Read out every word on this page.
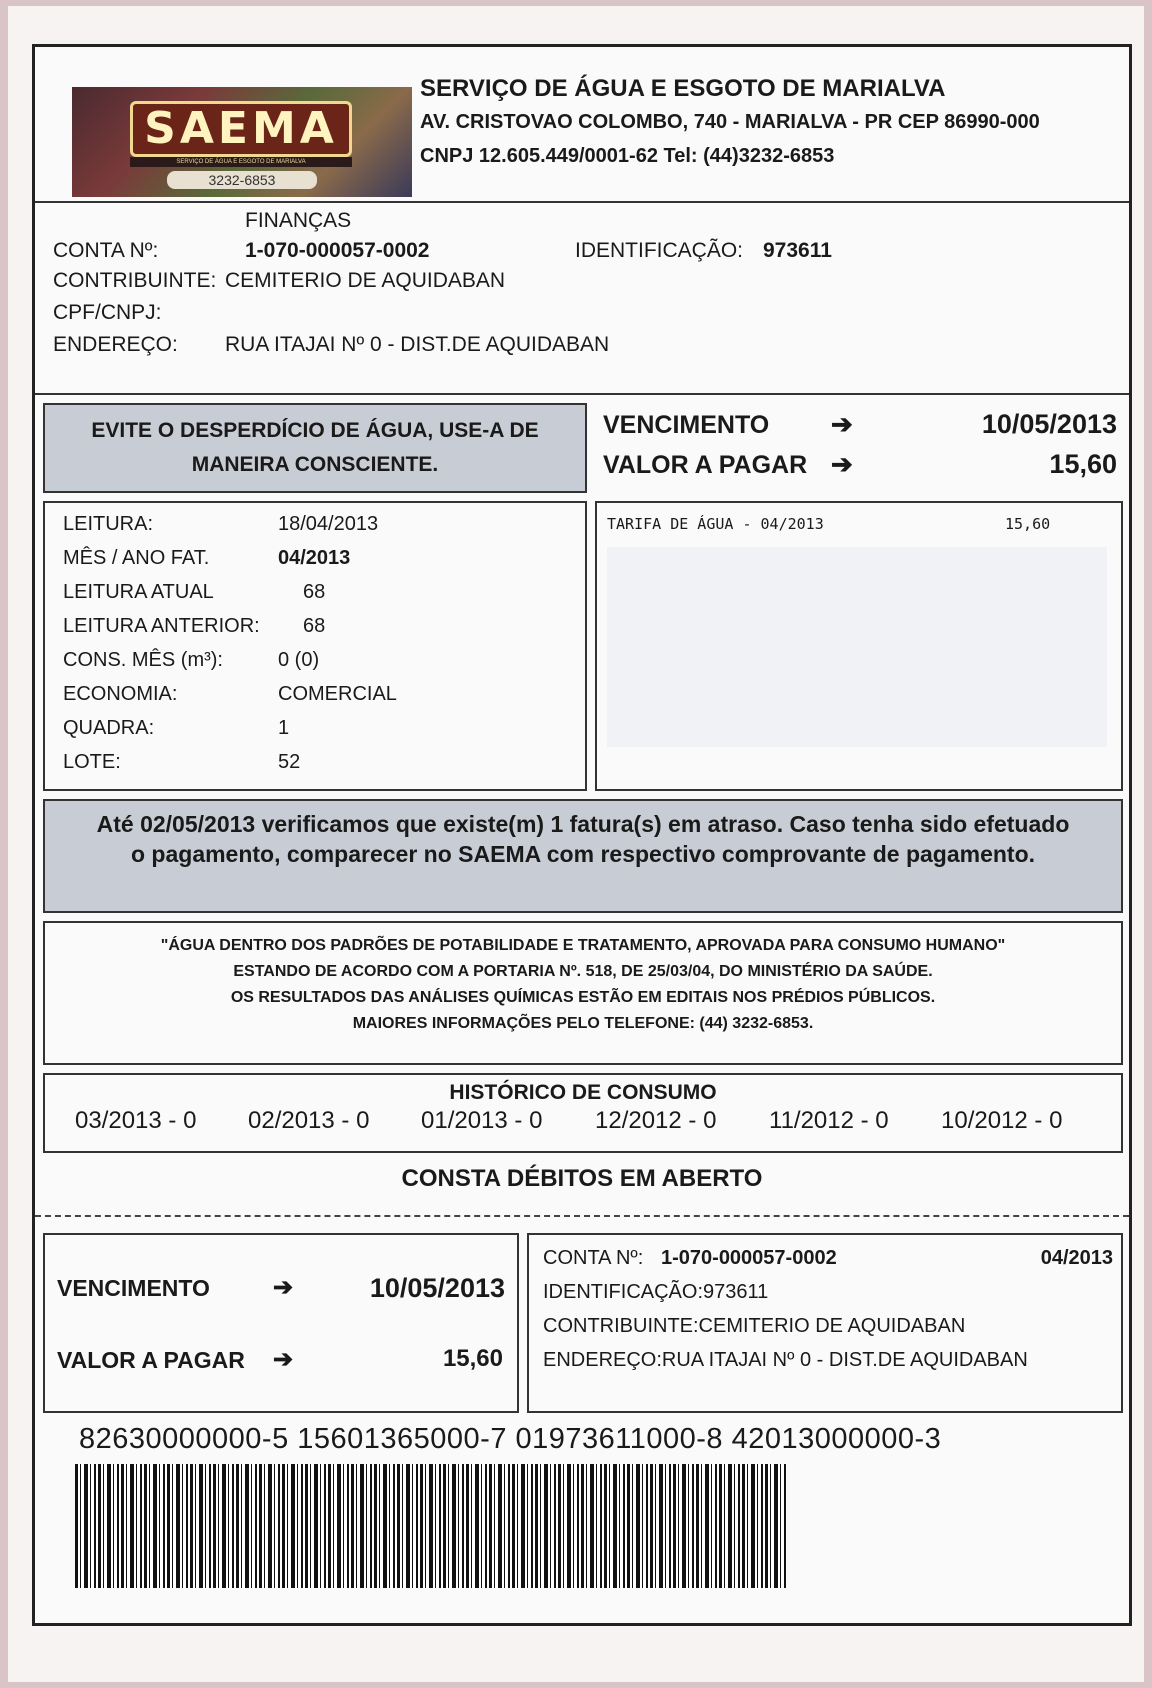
SAEMA
SERVIÇO DE ÁGUA E ESGOTO DE MARIALVA
3232-6853
SERVIÇO DE ÁGUA E ESGOTO DE MARIALVA
AV. CRISTOVAO COLOMBO, 740 - MARIALVA - PR CEP 86990-000
CNPJ 12.605.449/0001-62 Tel: (44)3232-6853
FINANÇAS
CONTA Nº:	1-070-000057-0002	IDENTIFICAÇÃO: 973611
CONTRIBUINTE: CEMITERIO DE AQUIDABAN
CPF/CNPJ:
ENDEREÇO: RUA ITAJAI Nº 0 - DIST.DE AQUIDABAN
EVITE O DESPERDÍCIO DE ÁGUA, USE-A DE
MANEIRA CONSCIENTE.
VENCIMENTO ➔	10/05/2013
VALOR A PAGAR ➔	15,60
LEITURA:	18/04/2013
MÊS / ANO FAT.	04/2013
LEITURA ATUAL	68
LEITURA ANTERIOR: 68
CONS. MÊS (m³):	0 (0)
ECONOMIA:	COMERCIAL
QUADRA:	1
LOTE:	52
TARIFA DE ÁGUA - 04/2013	15,60
Até 02/05/2013 verificamos que existe(m) 1 fatura(s) em atraso. Caso tenha sido efetuado
o pagamento, comparecer no SAEMA com respectivo comprovante de pagamento.
"ÁGUA DENTRO DOS PADRÕES DE POTABILIDADE E TRATAMENTO, APROVADA PARA CONSUMO HUMANO"
ESTANDO DE ACORDO COM A PORTARIA Nº. 518, DE 25/03/04, DO MINISTÉRIO DA SAÚDE.
OS RESULTADOS DAS ANÁLISES QUÍMICAS ESTÃO EM EDITAIS NOS PRÉDIOS PÚBLICOS.
MAIORES INFORMAÇÕES PELO TELEFONE: (44) 3232-6853.
HISTÓRICO DE CONSUMO
03/2013 - 0 02/2013 - 0 01/2013 - 0 12/2012 - 0 11/2012 - 0 10/2012 - 0
CONSTA DÉBITOS EM ABERTO
VENCIMENTO	➔	10/05/2013
VALOR A PAGAR ➔	15,60
CONTA Nº: 1-070-000057-0002	04/2013
IDENTIFICAÇÃO:973611
CONTRIBUINTE:CEMITERIO DE AQUIDABAN
ENDEREÇO:RUA ITAJAI Nº 0 - DIST.DE AQUIDABAN
82630000000-5 15601365000-7 01973611000-8 42013000000-3
